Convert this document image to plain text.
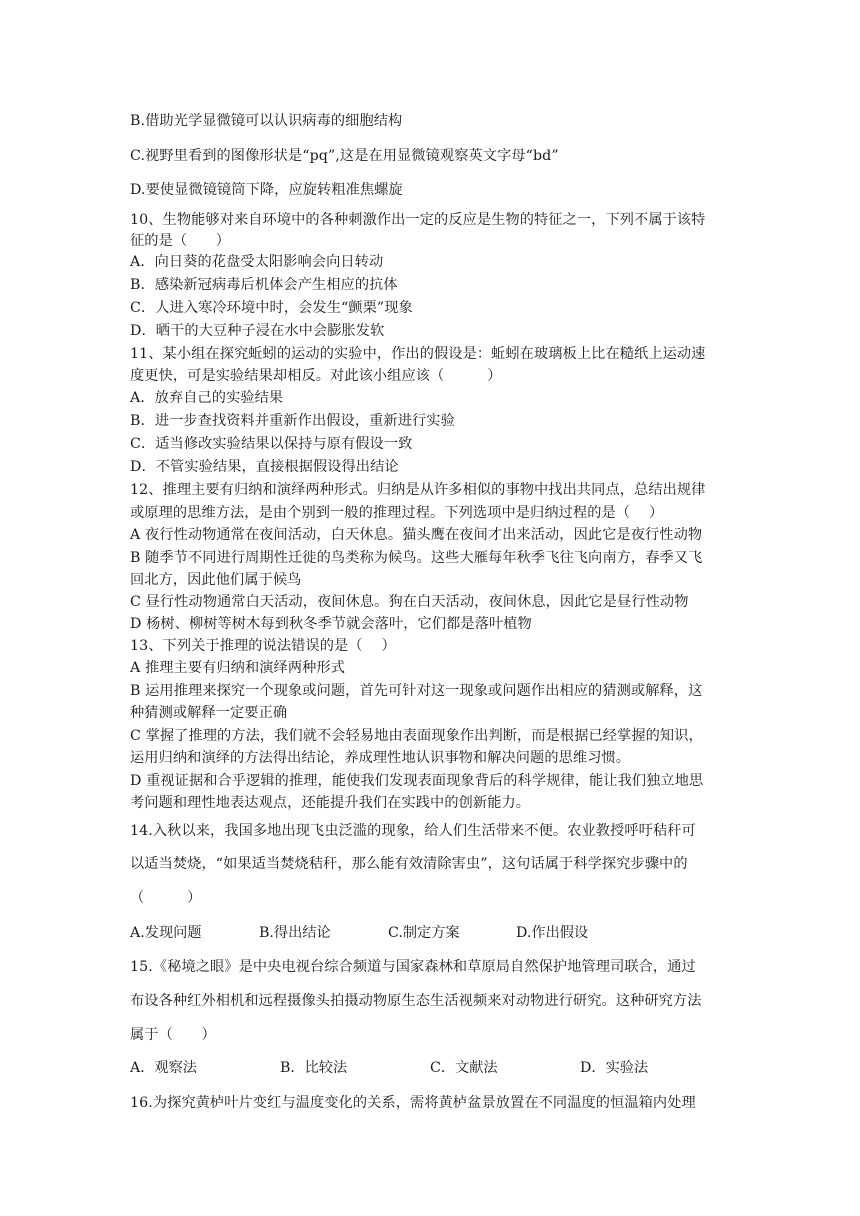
B.借助光学显微镜可以认识病毒的细胞结构
C.视野里看到的图像形状是“pq”,这是在用显微镜观察英文字母“bd”
D.要使显微镜镜筒下降，应旋转粗准焦螺旋
10、生物能够对来自环境中的各种刺激作出一定的反应是生物的特征之一，下列不属于该特
征的是（　　）
A．向日葵的花盘受太阳影响会向日转动
B．感染新冠病毒后机体会产生相应的抗体
C．人进入寒冷环境中时，会发生“颤栗”现象
D．晒干的大豆种子浸在水中会膨胀发软
11、某小组在探究蚯蚓的运动的实验中，作出的假设是：蚯蚓在玻璃板上比在糙纸上运动速
度更快，可是实验结果却相反。对此该小组应该（　　　）
A．放弃自己的实验结果
B．进一步查找资料并重新作出假设，重新进行实验
C．适当修改实验结果以保持与原有假设一致
D．不管实验结果，直接根据假设得出结论
12、推理主要有归纳和演绎两种形式。归纳是从许多相似的事物中找出共同点，总结出规律
或原理的思维方法，是由个别到一般的推理过程。下列选项中是归纳过程的是（　 ）
A 夜行性动物通常在夜间活动，白天休息。猫头鹰在夜间才出来活动，因此它是夜行性动物
B 随季节不同进行周期性迁徙的鸟类称为候鸟。这些大雁每年秋季飞往飞向南方，春季又飞
回北方，因此他们属于候鸟
C 昼行性动物通常白天活动，夜间休息。狗在白天活动，夜间休息，因此它是昼行性动物
D 杨树、柳树等树木每到秋冬季节就会落叶，它们都是落叶植物
13、下列关于推理的说法错误的是（　 ）
A 推理主要有归纳和演绎两种形式
B 运用推理来探究一个现象或问题，首先可针对这一现象或问题作出相应的猜测或解释，这
种猜测或解释一定要正确
C 掌握了推理的方法，我们就不会轻易地由表面现象作出判断，而是根据已经掌握的知识，
运用归纳和演绎的方法得出结论，养成理性地认识事物和解决问题的思维习惯。
D 重视证据和合乎逻辑的推理，能使我们发现表面现象背后的科学规律，能让我们独立地思
考问题和理性地表达观点，还能提升我们在实践中的创新能力。
14.入秋以来，我国多地出现飞虫泛滥的现象，给人们生活带来不便。农业教授呼吁秸秆可
以适当焚烧，“如果适当焚烧秸秆，那么能有效清除害虫”，这句话属于科学探究步骤中的
（　　　）
A.发现问题	B.得出结论	C.制定方案	D.作出假设
15.《秘境之眼》是中央电视台综合频道与国家森林和草原局自然保护地管理司联合，通过
布设各种红外相机和远程摄像头拍摄动物原生态生活视频来对动物进行研究。这种研究方法
属于（　　）
A．观察法	B．比较法	C．文献法	D．实验法
16.为探究黄栌叶片变红与温度变化的关系，需将黄栌盆景放置在不同温度的恒温箱内处理
